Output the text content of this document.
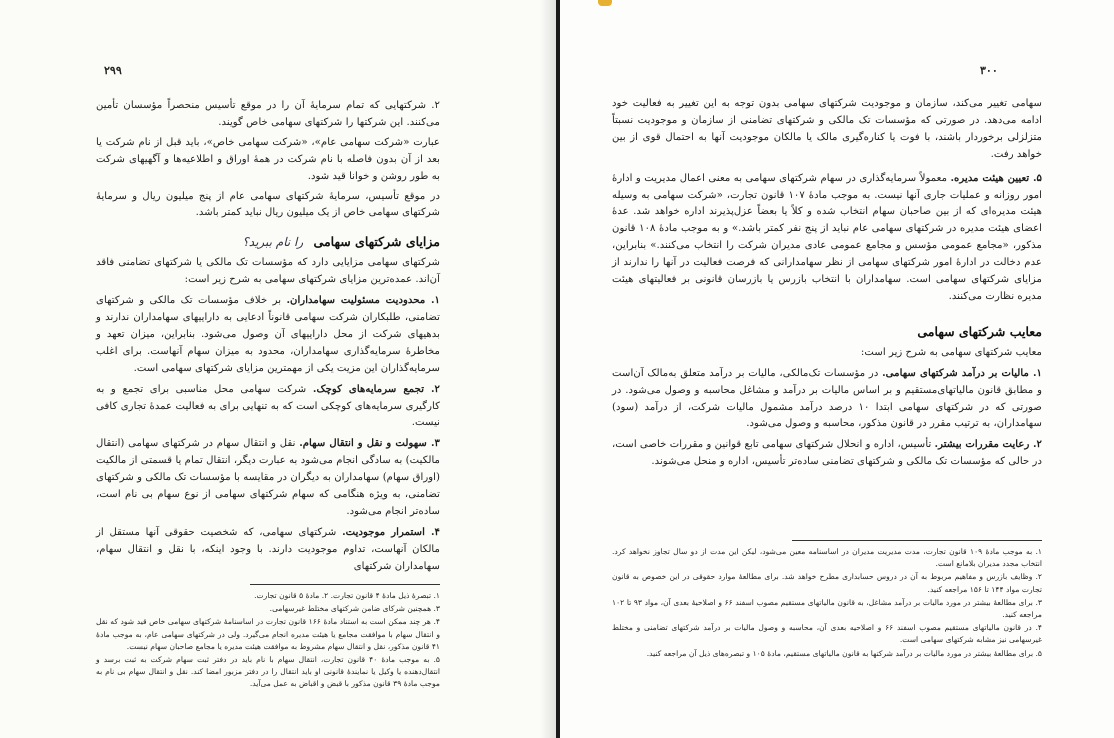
۲۹۹

۲. شرکتهایی که تمام سرمایهٔ آن را در موقع تأسیس منحصراً مؤسسان تأمین می‌کنند. این شرکتها را شرکتهای سهامی خاص گویند.

عبارت «شرکت سهامی عام»، «شرکت سهامی خاص»، باید قبل از نام شرکت یا بعد از آن بدون فاصله با نام شرکت در همهٔ اوراق و اطلاعیه‌ها و آگهیهای شرکت به طور روشن و خوانا قید شود.

در موقع تأسیس، سرمایهٔ شرکتهای سهامی عام از پنج میلیون ریال و سرمایهٔ شرکتهای سهامی خاص از یک میلیون ریال نباید کمتر باشد.

مزایای شرکتهای سهامی را نام ببرید؟

شرکتهای سهامی مزایایی دارد که مؤسسات تک مالکی یا شرکتهای تضامنی فاقد آن‌اند. عمده‌ترین مزایای شرکتهای سهامی به شرح زیر است:

۱. محدودیت مسئولیت سهامداران. بر خلاف مؤسسات تک مالکی و شرکتهای تضامنی، طلبکاران شرکت سهامی قانوناً ادعایی به داراییهای سهامداران ندارند و بدهیهای شرکت از محل داراییهای آن وصول می‌شود. بنابراین، میزان تعهد و مخاطرهٔ سرمایه‌گذاری سهامداران، محدود به میزان سهام آنهاست. برای اغلب سرمایه‌گذاران این مزیت یکی از مهمترین مزایای شرکتهای سهامی است.

۲. تجمع سرمایه‌های کوچک. شرکت سهامی محل مناسبی برای تجمع و به کارگیری سرمایه‌های کوچکی است که به تنهایی برای به فعالیت عمدهٔ تجاری کافی نیست.

۳. سهولت و نقل و انتقال سهام. نقل و انتقال سهام در شرکتهای سهامی (انتقال مالکیت) به سادگی انجام می‌شود به عبارت دیگر، انتقال تمام یا قسمتی از مالکیت (اوراق سهام) سهامداران به دیگران در مقایسه با مؤسسات تک مالکی و شرکتهای تضامنی، به ویژه هنگامی که سهام شرکتهای سهامی از نوع سهام بی نام است، ساده‌تر انجام می‌شود.

۴. استمرار موجودیت. شرکتهای سهامی، که شخصیت حقوقی آنها مستقل از مالکان آنهاست، تداوم موجودیت دارند. با وجود اینکه، با نقل و انتقال سهام، سهامداران شرکتهای

۱. تبصرهٔ ذیل مادهٔ ۴ قانون تجارت. ۲. مادهٔ ۵ قانون تجارت.
۳. همچنین شرکای ضامن شرکتهای مختلط غیرسهامی.
۴. هر چند ممکن است به استناد مادهٔ ۱۶۶ قانون تجارت در اساسنامهٔ شرکتهای سهامی خاص قید شود که نقل و انتقال سهام با موافقت مجامع یا هیئت مدیره انجام می‌گیرد. ولی در شرکتهای سهامی عام، به موجب مادهٔ ۴۱ قانون مذکور، نقل و انتقال سهام مشروط به موافقت هیئت مدیره یا مجامع صاحبان سهام نیست.
۵. به موجب مادهٔ ۴۰ قانون تجارت، انتقال سهام با نام باید در دفتر ثبت سهام شرکت به ثبت برسد و انتقال‌دهنده یا وکیل یا نمایندهٔ قانونی او باید انتقال را در دفتر مزبور امضا کند. نقل و انتقال سهام بی نام به موجب مادهٔ ۳۹ قانون مذکور با قبض و اقباض به عمل می‌آید.
۳۰۰

سهامی تغییر می‌کند، سازمان و موجودیت شرکتهای سهامی بدون توجه به این تغییر به فعالیت خود ادامه می‌دهد. در صورتی که مؤسسات تک مالکی و شرکتهای تضامنی از سازمان و موجودیت نسبتاً متزلزلی برخوردار باشند، با فوت یا کناره‌گیری مالک یا مالکان موجودیت آنها به احتمال قوی از بین خواهد رفت.

۵. تعیین هیئت مدیره. معمولاً سرمایه‌گذاری در سهام شرکتهای سهامی به معنی اعمال مدیریت و ادارهٔ امور روزانه و عملیات جاری آنها نیست. به موجب مادهٔ ۱۰۷ قانون تجارت، «شرکت سهامی به وسیله هیئت مدیره‌ای که از بین صاحبان سهام انتخاب شده و کلاً یا بعضاً عزل‌پذیرند اداره خواهد شد. عدهٔ اعضای هیئت مدیره در شرکتهای سهامی عام نباید از پنج نفر کمتر باشد.» و به موجب مادهٔ ۱۰۸ قانون مذکور، «مجامع عمومی مؤسس و مجامع عمومی عادی مدیران شرکت را انتخاب می‌کنند.» بنابراین، عدم دخالت در ادارهٔ امور شرکتهای سهامی از نظر سهامدارانی که فرصت فعالیت در آنها را ندارند از مزایای شرکتهای سهامی است. سهامداران با انتخاب بازرس یا بازرسان قانونی بر فعالیتهای هیئت مدیره نظارت می‌کنند.

معایب شرکتهای سهامی

معایب شرکتهای سهامی به شرح زیر است:

۱. مالیات بر درآمد شرکتهای سهامی. در مؤسسات تک‌مالکی، مالیات بر درآمد متعلق به‌مالک آن‌است و مطابق قانون مالیاتهای‌مستقیم و بر اساس مالیات بر درآمد و مشاغل محاسبه و وصول می‌شود. در صورتی که در شرکتهای سهامی ابتدا ۱۰ درصد درآمد مشمول مالیات شرکت، از درآمد (سود) سهامداران، به ترتیب مقرر در قانون مذکور، محاسبه و وصول می‌شود.

۲. رعایت مقررات بیشتر. تأسیس، اداره و انحلال شرکتهای سهامی تابع قوانین و مقررات خاصی است، در حالی که مؤسسات تک مالکی و شرکتهای تضامنی ساده‌تر تأسیس، اداره و منحل می‌شوند.

۱. به موجب مادهٔ ۱۰۹ قانون تجارت، مدت مدیریت مدیران در اساسنامه معین می‌شود، لیکن این مدت از دو سال تجاوز نخواهد کرد. انتخاب مجدد مدیران بلامانع است.
۲. وظایف بازرس و مفاهیم مربوط به آن در دروس حسابداری مطرح خواهد شد. برای مطالعهٔ موارد حقوقی در این خصوص به قانون تجارت مواد ۱۴۴ تا ۱۵۶ مراجعه کنید.
۳. برای مطالعهٔ بیشتر در مورد مالیات بر درآمد مشاغل، به قانون مالیاتهای مستقیم مصوب اسفند ۶۶ و اصلاحیهٔ بعدی آن، مواد ۹۳ تا ۱۰۲ مراجعه کنید.
۴. در قانون مالیاتهای مستقیم مصوب اسفند ۶۶ و اصلاحیه بعدی آن، محاسبه و وصول مالیات بر درآمد شرکتهای تضامنی و مختلط غیرسهامی نیز مشابه شرکتهای سهامی است.
۵. برای مطالعهٔ بیشتر در مورد مالیات بر درآمد شرکتها به قانون مالیاتهای مستقیم، مادهٔ ۱۰۵ و تبصره‌های ذیل آن مراجعه کنید.
